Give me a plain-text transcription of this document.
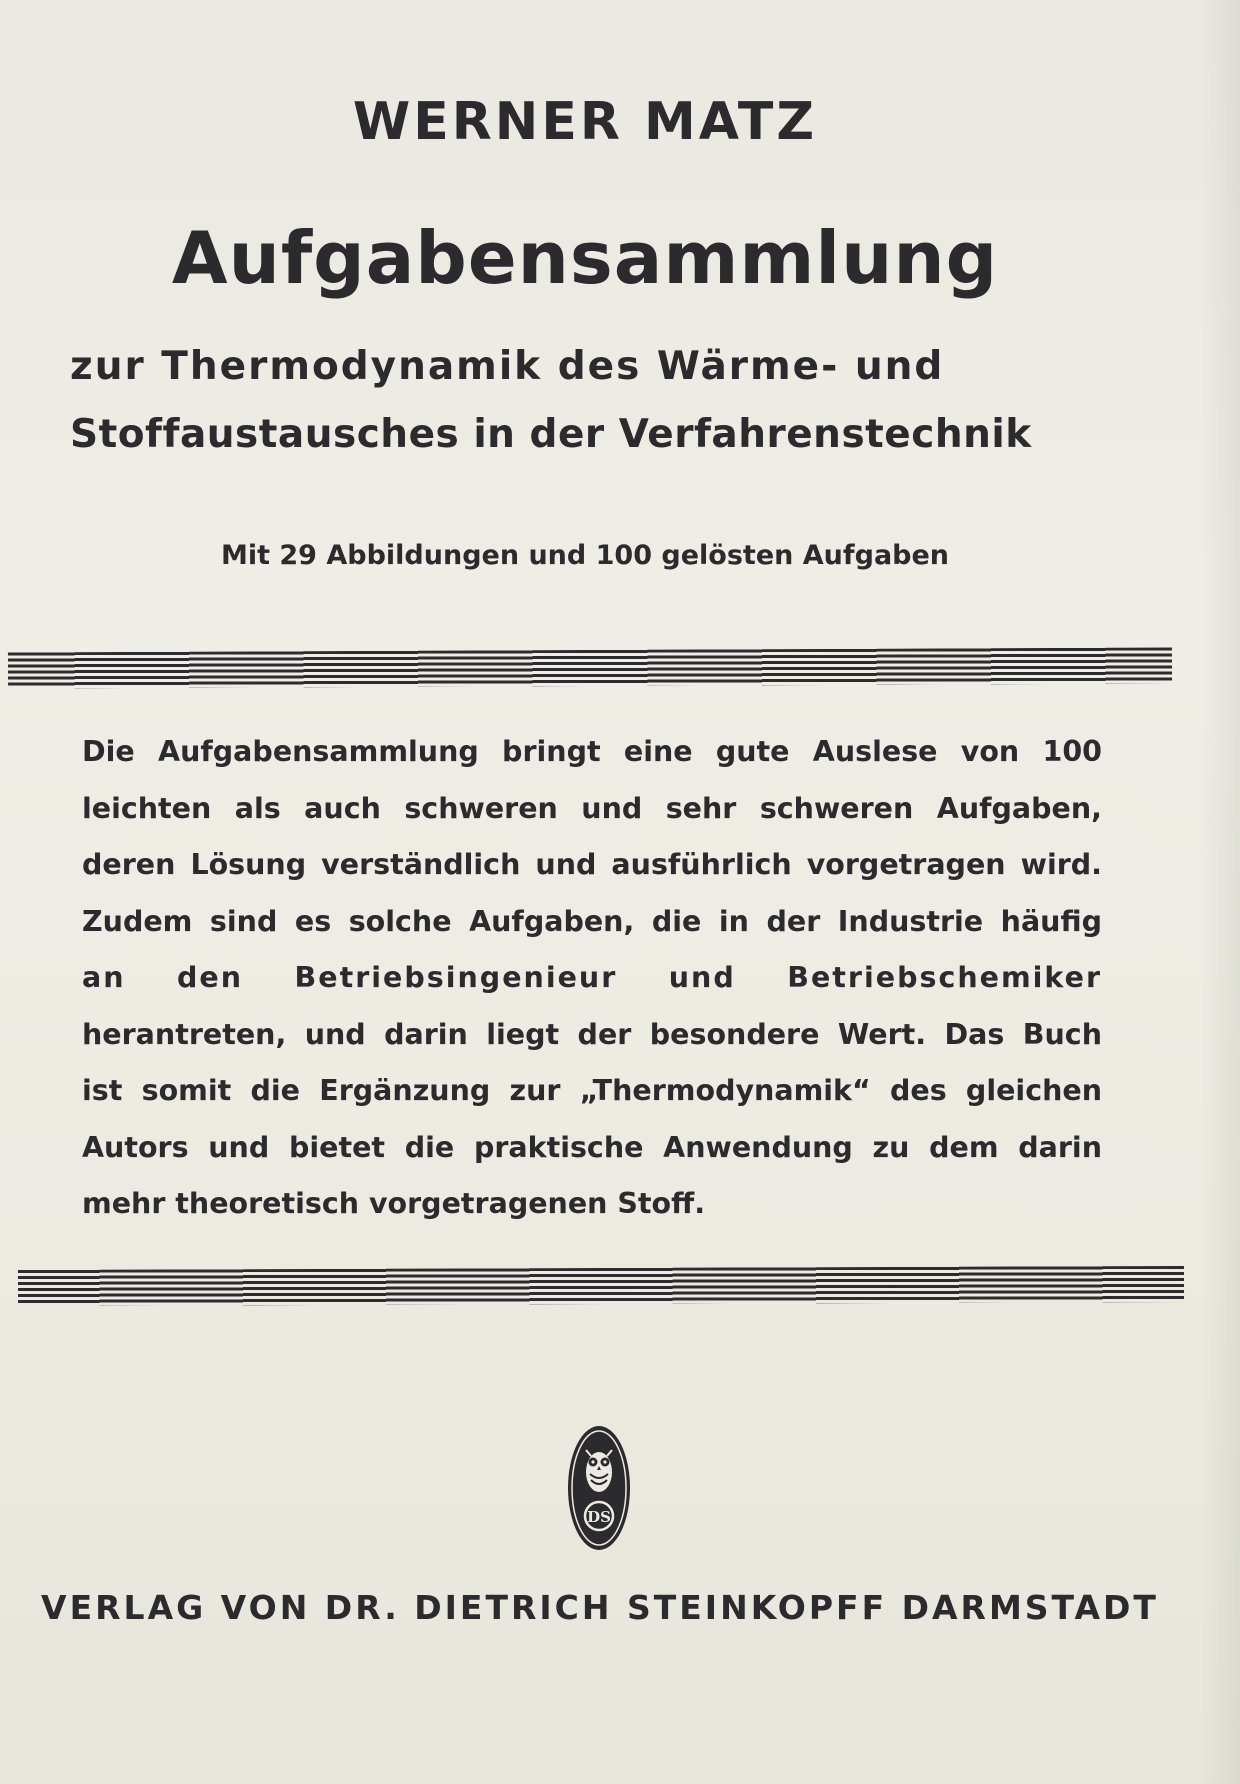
WERNER MATZ
Aufgabensammlung
zur Thermodynamik des Wärme- und
Stoffaustausches in der Verfahrenstechnik
Mit 29 Abbildungen und 100 gelösten Aufgaben
Die Aufgabensammlung bringt eine gute Auslese von 100
leichten als auch schweren und sehr schweren Aufgaben,
deren Lösung verständlich und ausführlich vorgetragen wird.
Zudem sind es solche Aufgaben, die in der Industrie häufig
an den Betriebsingenieur und Betriebschemiker
herantreten, und darin liegt der besondere Wert. Das Buch
ist somit die Ergänzung zur „Thermodynamik“ des gleichen
Autors und bietet die praktische Anwendung zu dem darin
mehr theoretisch vorgetragenen Stoff.
DS
VERLAG VON DR. DIETRICH STEINKOPFF DARMSTADT
